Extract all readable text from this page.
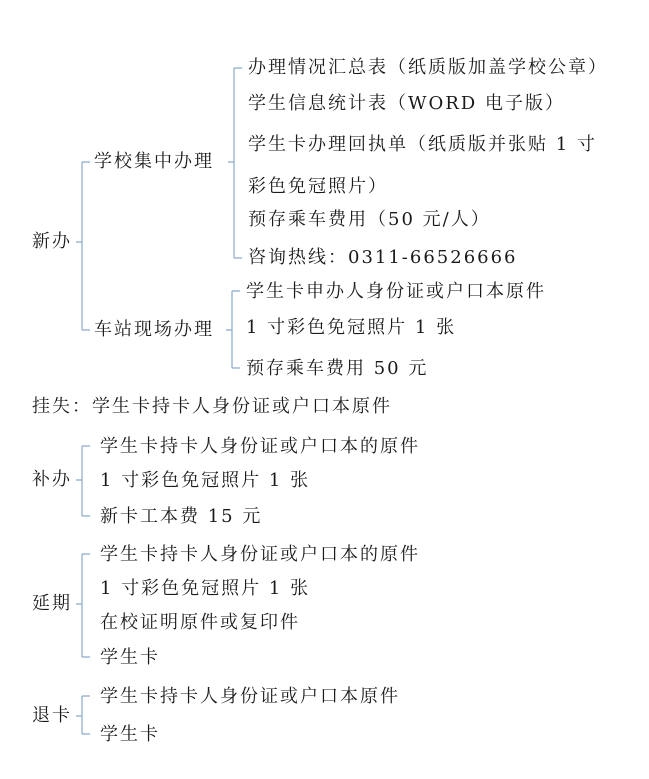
新办
学校集中办理
办理情况汇总表（纸质版加盖学校公章）
学生信息统计表（WORD 电子版）
学生卡办理回执单（纸质版并张贴 1 寸
彩色免冠照片）
预存乘车费用（50 元/人）
咨询热线：0311-66526666
车站现场办理
学生卡申办人身份证或户口本原件
1 寸彩色免冠照片 1 张
预存乘车费用 50 元
挂失：学生卡持卡人身份证或户口本原件
补办
学生卡持卡人身份证或户口本的原件
1 寸彩色免冠照片 1 张
新卡工本费 15 元
延期
学生卡持卡人身份证或户口本的原件
1 寸彩色免冠照片 1 张
在校证明原件或复印件
学生卡
退卡
学生卡持卡人身份证或户口本原件
学生卡
